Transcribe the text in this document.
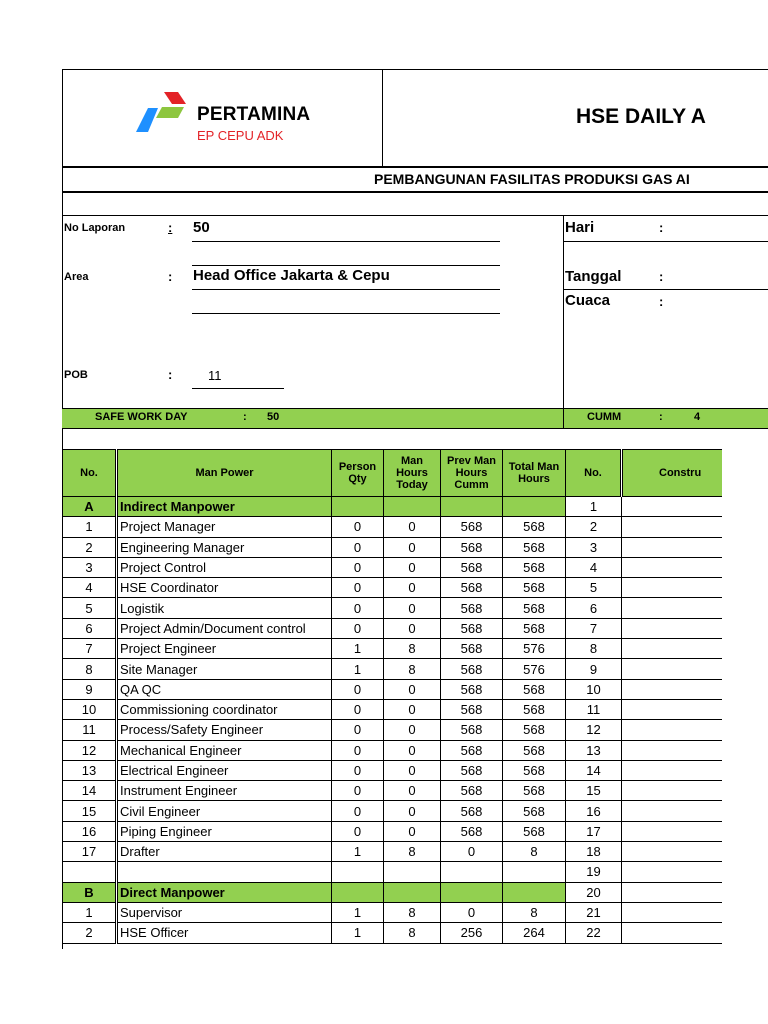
PERTAMINA
EP CEPU ADK
HSE DAILY A
PEMBANGUNAN FASILITAS PRODUKSI GAS AI
No Laporan	: 50
Area	: Head Office Jakarta & Cepu
POB	:	11
Hari	:
Tanggal	:
Cuaca	:
SAFE WORK DAY	: 50	CUMM	:	4
No.	Man Power	Person Qty	Man Hours Today	Prev Man Hours Cumm	Total Man Hours	No.	Constru
A	Indirect Manpower					1	
1	Project Manager	0	0	568	568	2	
2	Engineering Manager	0	0	568	568	3	
3	Project Control	0	0	568	568	4	
4	HSE Coordinator	0	0	568	568	5	
5	Logistik	0	0	568	568	6	
6	Project Admin/Document control	0	0	568	568	7	
7	Project Engineer	1	8	568	576	8	
8	Site Manager	1	8	568	576	9	
9	QA QC	0	0	568	568	10	
10	Commissioning coordinator	0	0	568	568	11	
11	Process/Safety Engineer	0	0	568	568	12	
12	Mechanical Engineer	0	0	568	568	13	
13	Electrical Engineer	0	0	568	568	14	
14	Instrument Engineer	0	0	568	568	15	
15	Civil Engineer	0	0	568	568	16	
16	Piping Engineer	0	0	568	568	17	
17	Drafter	1	8	0	8	18	
						19	
B	Direct Manpower					20	
1	Supervisor	1	8	0	8	21	
2	HSE Officer	1	8	256	264	22	
